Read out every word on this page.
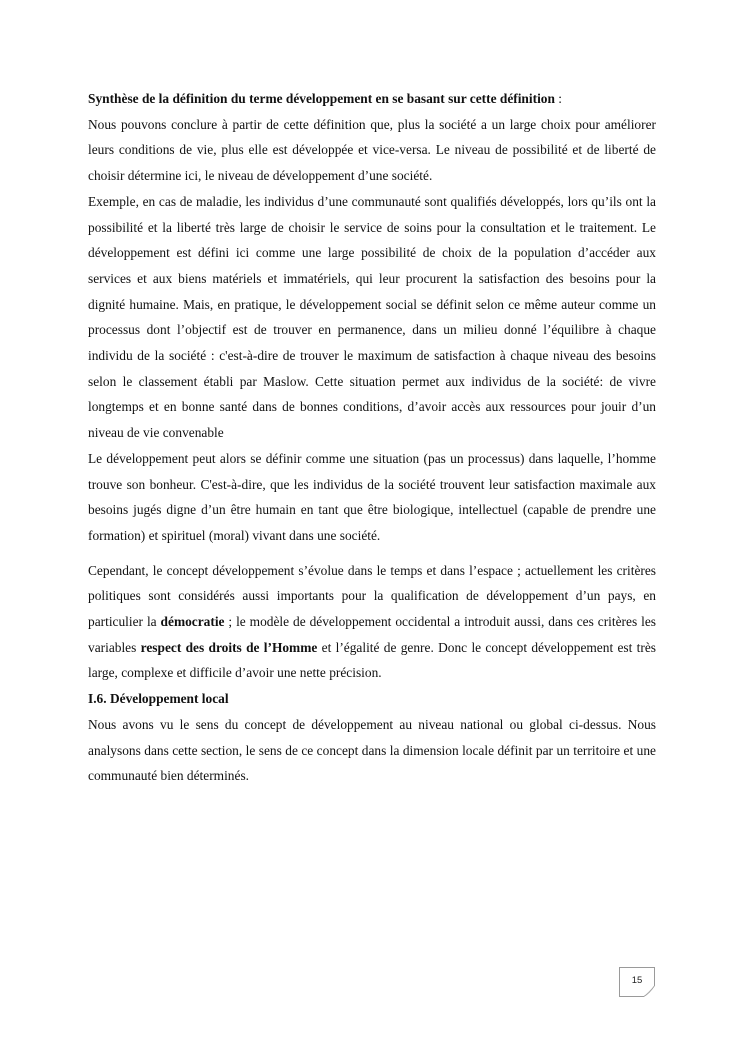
Synthèse de la définition du terme développement en se basant sur cette définition :
Nous pouvons conclure à partir de cette définition que, plus la société a un large choix pour améliorer leurs conditions de vie, plus elle est développée et vice-versa. Le niveau de possibilité et de liberté de choisir détermine ici, le niveau de développement d’une société.
Exemple, en cas de maladie, les individus d’une communauté sont qualifiés développés, lors qu’ils ont la possibilité et la liberté très large de choisir le service de soins pour la consultation et le traitement. Le développement est défini ici comme une large possibilité de choix de la population d’accéder aux services et aux biens matériels et immatériels, qui leur procurent la satisfaction des besoins pour la dignité humaine. Mais, en pratique, le développement social se définit selon ce même auteur comme un processus dont l’objectif est de trouver en permanence, dans un milieu donné l’équilibre à chaque individu de la société : c'est-à-dire de trouver le maximum de satisfaction à chaque niveau des besoins selon le classement établi par Maslow. Cette situation permet aux individus de la société: de vivre longtemps et en bonne santé dans de bonnes conditions, d’avoir accès aux ressources pour jouir d’un niveau de vie convenable
Le développement peut alors se définir comme une situation (pas un processus) dans laquelle, l’homme trouve son bonheur. C'est-à-dire, que les individus de la société trouvent leur satisfaction maximale aux besoins jugés digne d’un être humain en tant que être biologique, intellectuel (capable de prendre une formation) et spirituel (moral) vivant dans une société.

Cependant, le concept développement s’évolue dans le temps et dans l’espace ; actuellement les critères politiques sont considérés aussi importants pour la qualification de développement d’un pays, en particulier la démocratie ; le modèle de développement occidental a introduit aussi, dans ces critères les variables respect des droits de l’Homme et l’égalité de genre. Donc le concept développement est très large, complexe et difficile d’avoir une nette précision.

I.6. Développement local

Nous avons vu le sens du concept de développement au niveau national ou global ci-dessus. Nous analysons dans cette section, le sens de ce concept dans la dimension locale définit par un territoire et une communauté bien déterminés.

15
